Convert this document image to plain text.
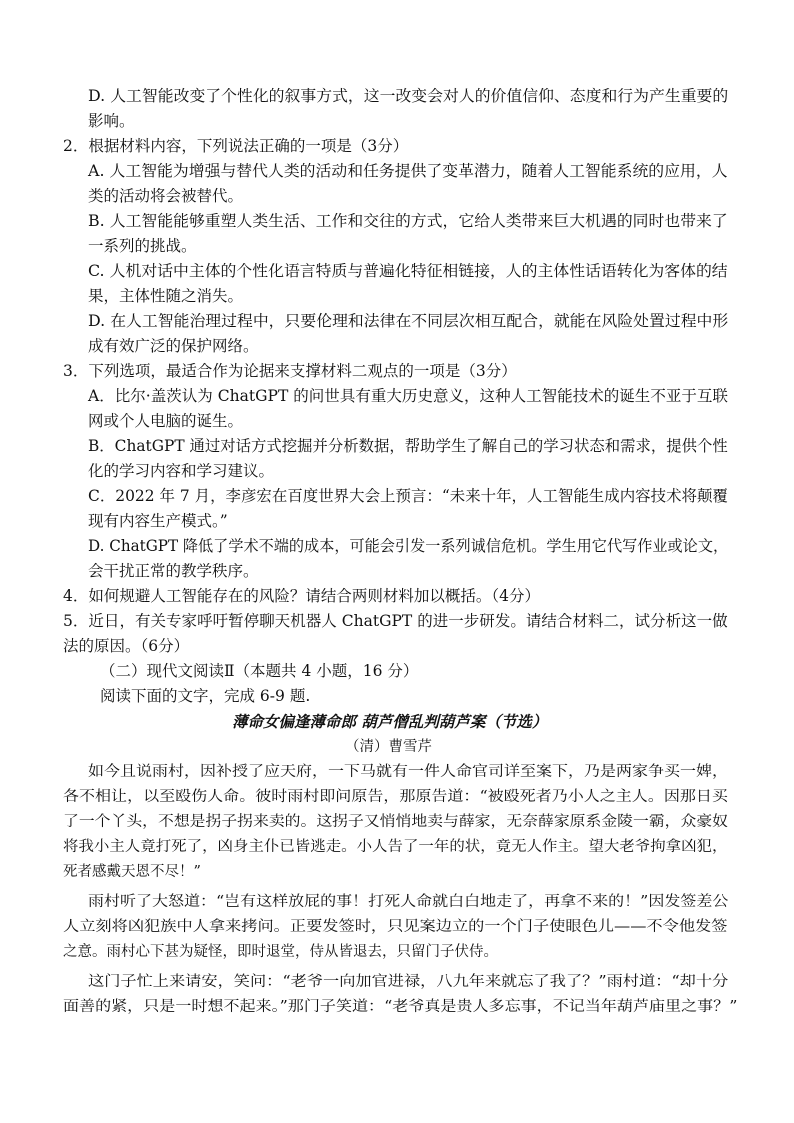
D. 人工智能改变了个性化的叙事方式，这一改变会对人的价值信仰、态度和行为产生重要的
影响。
2．根据材料内容，下列说法正确的一项是（3分）
A. 人工智能为增强与替代人类的活动和任务提供了变革潜力，随着人工智能系统的应用，人
类的活动将会被替代。
B. 人工智能能够重塑人类生活、工作和交往的方式，它给人类带来巨大机遇的同时也带来了
一系列的挑战。
C. 人机对话中主体的个性化语言特质与普遍化特征相链接，人的主体性话语转化为客体的结
果，主体性随之消失。
D. 在人工智能治理过程中，只要伦理和法律在不同层次相互配合，就能在风险处置过程中形
成有效广泛的保护网络。
3．下列选项，最适合作为论据来支撑材料二观点的一项是（3分）
A．比尔·盖茨认为 ChatGPT 的问世具有重大历史意义，这种人工智能技术的诞生不亚于互联
网或个人电脑的诞生。
B．ChatGPT 通过对话方式挖掘并分析数据，帮助学生了解自己的学习状态和需求，提供个性
化的学习内容和学习建议。
C．2022 年 7 月，李彦宏在百度世界大会上预言：“未来十年，人工智能生成内容技术将颠覆
现有内容生产模式。”
D. ChatGPT 降低了学术不端的成本，可能会引发一系列诚信危机。学生用它代写作业或论文，
会干扰正常的教学秩序。
4．如何规避人工智能存在的风险？请结合两则材料加以概括。（4分）
5．近日，有关专家呼吁暂停聊天机器人 ChatGPT 的进一步研发。请结合材料二，试分析这一做
法的原因。（6分）
（二）现代文阅读Ⅱ（本题共 4 小题，16 分）
阅读下面的文字，完成 6-9 题.
薄命女偏逢薄命郎 葫芦僧乱判葫芦案（节选）
（清）曹雪芹
如今且说雨村，因补授了应天府，一下马就有一件人命官司详至案下，乃是两家争买一婢，
各不相让，以至殴伤人命。彼时雨村即问原告，那原告道：“被殴死者乃小人之主人。因那日买
了一个丫头，不想是拐子拐来卖的。这拐子又悄悄地卖与薛家，无奈薛家原系金陵一霸，众豪奴
将我小主人竟打死了，凶身主仆已皆逃走。小人告了一年的状，竟无人作主。望大老爷拘拿凶犯，
死者感戴天恩不尽！”
雨村听了大怒道：“岂有这样放屁的事！打死人命就白白地走了，再拿不来的！”因发签差公
人立刻将凶犯族中人拿来拷问。正要发签时，只见案边立的一个门子使眼色儿——不令他发签
之意。雨村心下甚为疑怪，即时退堂，侍从皆退去，只留门子伏侍。
这门子忙上来请安，笑问：“老爷一向加官进禄，八九年来就忘了我了？”雨村道：“却十分
面善的紧，只是一时想不起来。”那门子笑道：“老爷真是贵人多忘事，不记当年葫芦庙里之事？”
